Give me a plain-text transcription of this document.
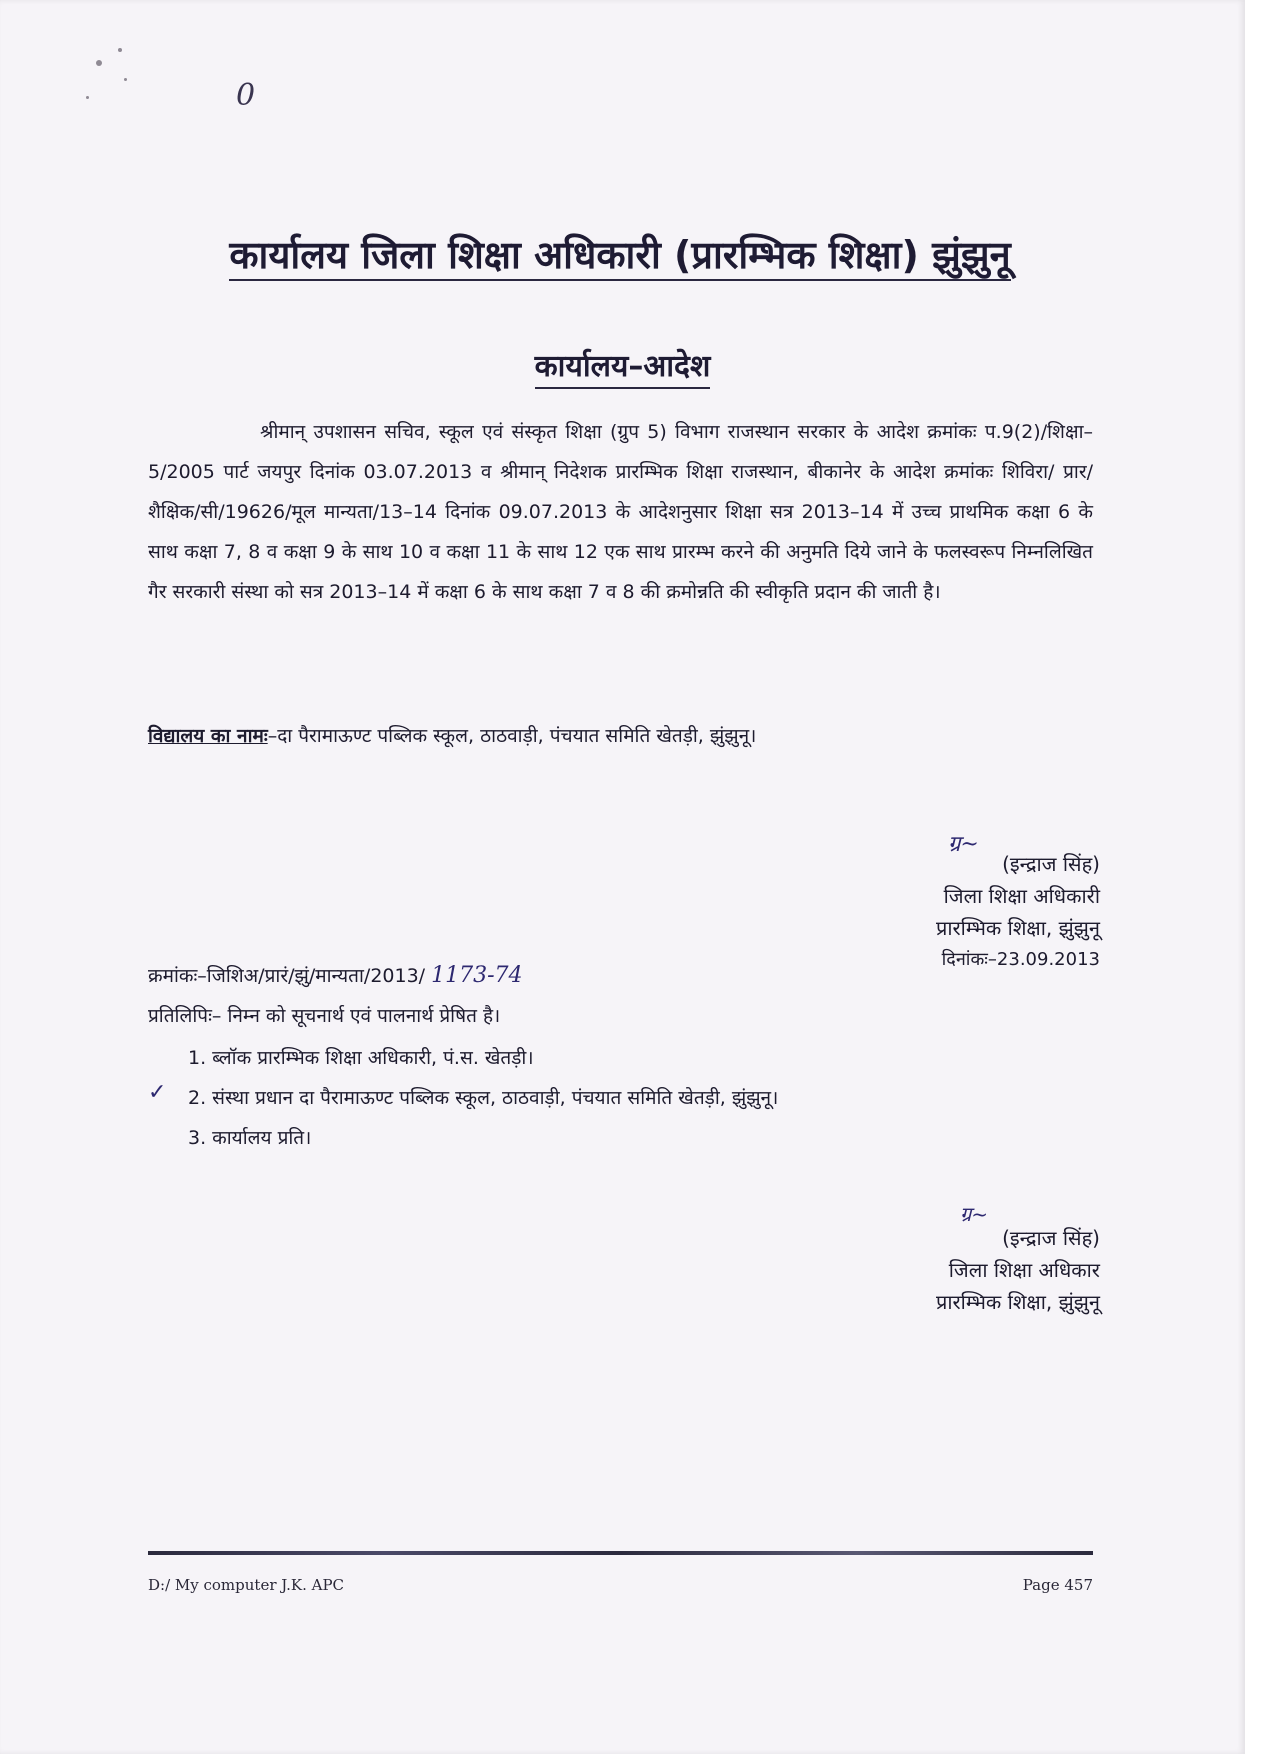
0
कार्यालय जिला शिक्षा अधिकारी (प्रारम्भिक शिक्षा) झुंझुनू
कार्यालय–आदेश
श्रीमान् उपशासन सचिव, स्कूल एवं संस्कृत शिक्षा (ग्रुप 5) विभाग राजस्थान सरकार के आदेश क्रमांकः प.9(2)/शिक्षा–5/2005 पार्ट जयपुर दिनांक 03.07.2013 व श्रीमान् निदेशक प्रारम्भिक शिक्षा राजस्थान, बीकानेर के आदेश क्रमांकः शिविरा/ प्रार/शैक्षिक/सी/19626/मूल मान्यता/13–14 दिनांक 09.07.2013 के आदेशनुसार शिक्षा सत्र 2013–14 में उच्च प्राथमिक कक्षा 6 के साथ कक्षा 7, 8 व कक्षा 9 के साथ 10 व कक्षा 11 के साथ 12 एक साथ प्रारम्भ करने की अनुमति दिये जाने के फलस्वरूप निम्नलिखित गैर सरकारी संस्था को सत्र 2013–14 में कक्षा 6 के साथ कक्षा 7 व 8 की क्रमोन्नति की स्वीकृति प्रदान की जाती है।
विद्यालय का नामः–दा पैरामाऊण्ट पब्लिक स्कूल, ठाठवाड़ी, पंचयात समिति खेतड़ी, झुंझुनू।
ग्र~
(इन्द्राज सिंह)
जिला शिक्षा अधिकारी
प्रारम्भिक शिक्षा, झुंझुनू
दिनांकः–23.09.2013
क्रमांकः–जिशिअ/प्रारं/झुं/मान्यता/2013/ 1173-74
प्रतिलिपिः– निम्न को सूचनार्थ एवं पालनार्थ प्रेषित है।
✓
1. ब्लॉक प्रारम्भिक शिक्षा अधिकारी, पं.स. खेतड़ी।
2. संस्था प्रधान दा पैरामाऊण्ट पब्लिक स्कूल, ठाठवाड़ी, पंचयात समिति खेतड़ी, झुंझुनू।
3. कार्यालय प्रति।
ग्र~
(इन्द्राज सिंह)
जिला शिक्षा अधिकार
प्रारम्भिक शिक्षा, झुंझुनू
D:/ My computer J.K. APC	Page 457
